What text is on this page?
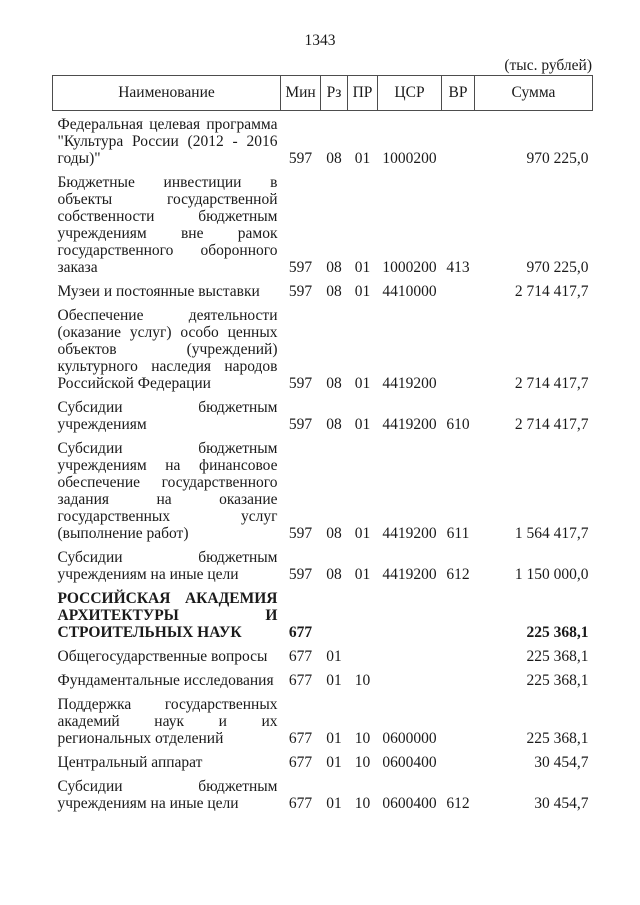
1343
(тыс. рублей)
Наименование	Мин	Рз	ПР	ЦСР	ВР	Сумма
Федеральная целевая программа "Культура России (2012 - 2016 годы)"	597	08	01	1000200		970 225,0
Бюджетные инвестиции в объекты государственной собственности бюджетным учреждениям вне рамок государственного оборонного заказа	597	08	01	1000200	413	970 225,0
Музеи и постоянные выставки	597	08	01	4410000		2 714 417,7
Обеспечение деятельности (оказание услуг) особо ценных объектов (учреждений) культурного наследия народов Российской Федерации	597	08	01	4419200		2 714 417,7
Субсидии бюджетным учреждениям	597	08	01	4419200	610	2 714 417,7
Субсидии бюджетным учреждениям на финансовое обеспечение государственного задания на оказание государственных услуг (выполнение работ)	597	08	01	4419200	611	1 564 417,7
Субсидии бюджетным учреждениям на иные цели	597	08	01	4419200	612	1 150 000,0
РОССИЙСКАЯ АКАДЕМИЯ АРХИТЕКТУРЫ И СТРОИТЕЛЬНЫХ НАУК	677					225 368,1
Общегосударственные вопросы	677	01				225 368,1
Фундаментальные исследования	677	01	10			225 368,1
Поддержка государственных академий наук и их региональных отделений	677	01	10	0600000		225 368,1
Центральный аппарат	677	01	10	0600400		30 454,7
Субсидии бюджетным учреждениям на иные цели	677	01	10	0600400	612	30 454,7
